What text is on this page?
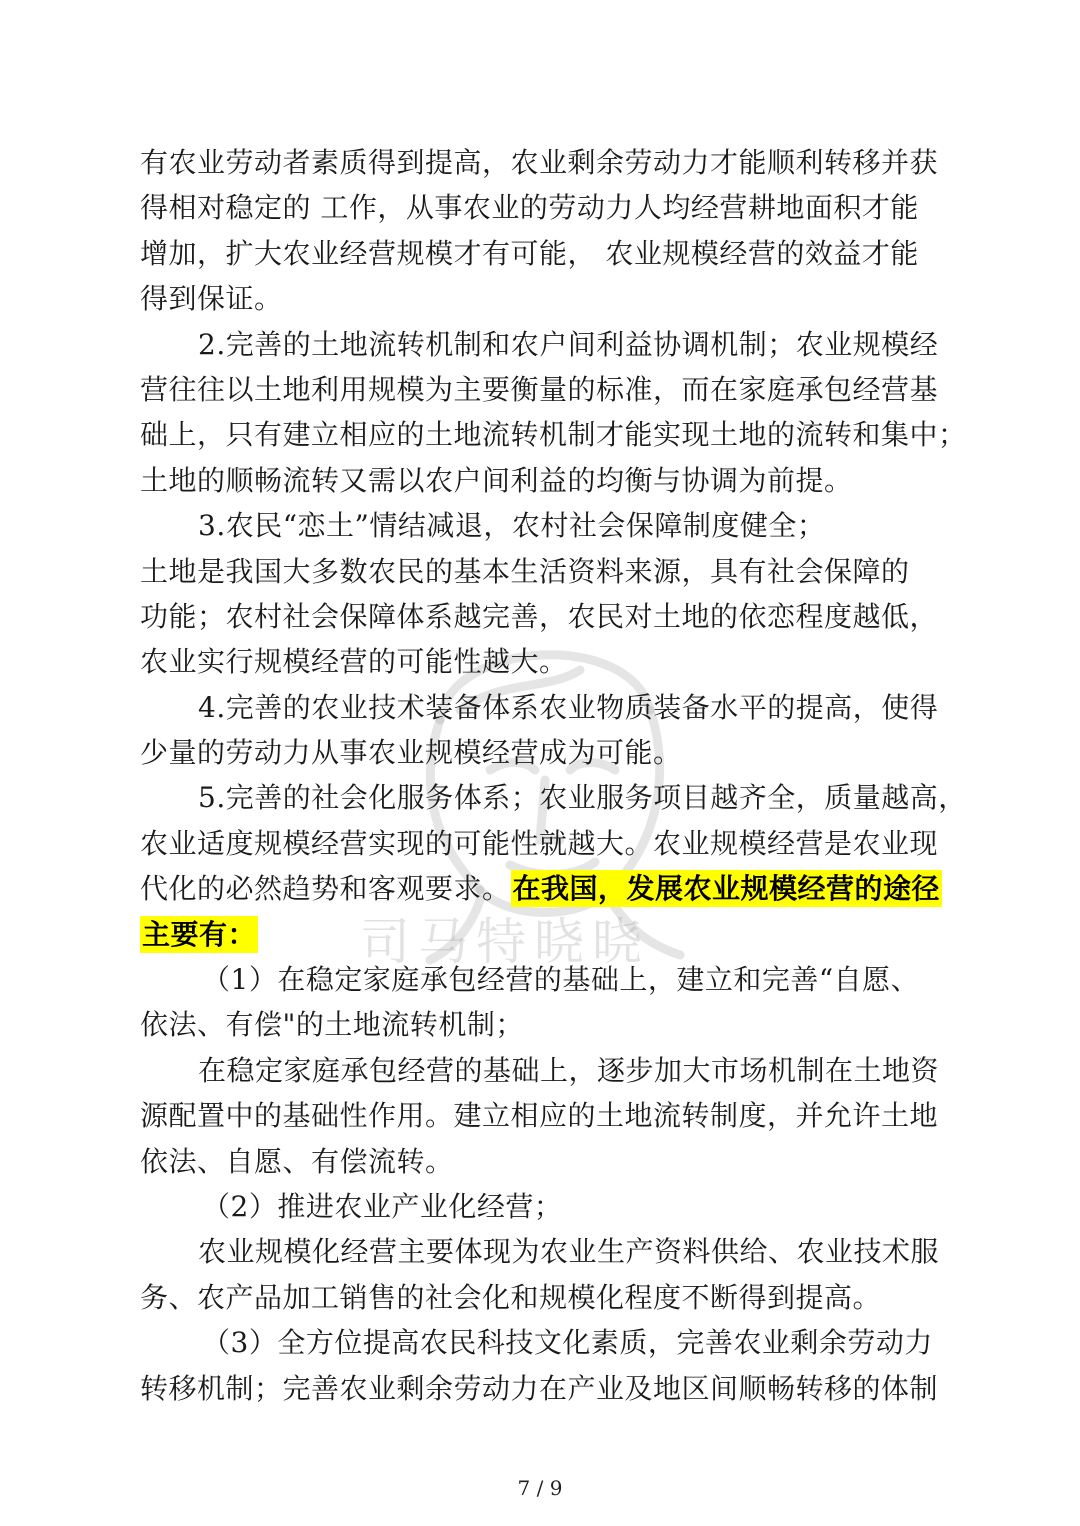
司马特晓晓
有农业劳动者素质得到提高，农业剩余劳动力才能顺利转移并获
得相对稳定的 工作，从事农业的劳动力人均经营耕地面积才能
增加，扩大农业经营规模才有可能， 农业规模经营的效益才能
得到保证。
2.完善的土地流转机制和农户间利益协调机制；农业规模经
营往往以土地利用规模为主要衡量的标准，而在家庭承包经营基
础上，只有建立相应的土地流转机制才能实现土地的流转和集中；
土地的顺畅流转又需以农户间利益的均衡与协调为前提。
3.农民“恋土”情结减退，农村社会保障制度健全；
土地是我国大多数农民的基本生活资料来源，具有社会保障的
功能；农村社会保障体系越完善，农民对土地的依恋程度越低，
农业实行规模经营的可能性越大。
4.完善的农业技术装备体系农业物质装备水平的提高，使得
少量的劳动力从事农业规模经营成为可能。
5.完善的社会化服务体系；农业服务项目越齐全，质量越高，
农业适度规模经营实现的可能性就越大。农业规模经营是农业现
代化的必然趋势和客观要求。在我国，发展农业规模经营的途径
主要有：
（1）在稳定家庭承包经营的基础上，建立和完善“自愿、
依法、有偿"的土地流转机制；
在稳定家庭承包经营的基础上，逐步加大市场机制在土地资
源配置中的基础性作用。建立相应的土地流转制度，并允许土地
依法、自愿、有偿流转。
（2）推进农业产业化经营；
农业规模化经营主要体现为农业生产资料供给、农业技术服
务、农产品加工销售的社会化和规模化程度不断得到提高。
（3）全方位提高农民科技文化素质，完善农业剩余劳动力
转移机制；完善农业剩余劳动力在产业及地区间顺畅转移的体制
7 / 9
